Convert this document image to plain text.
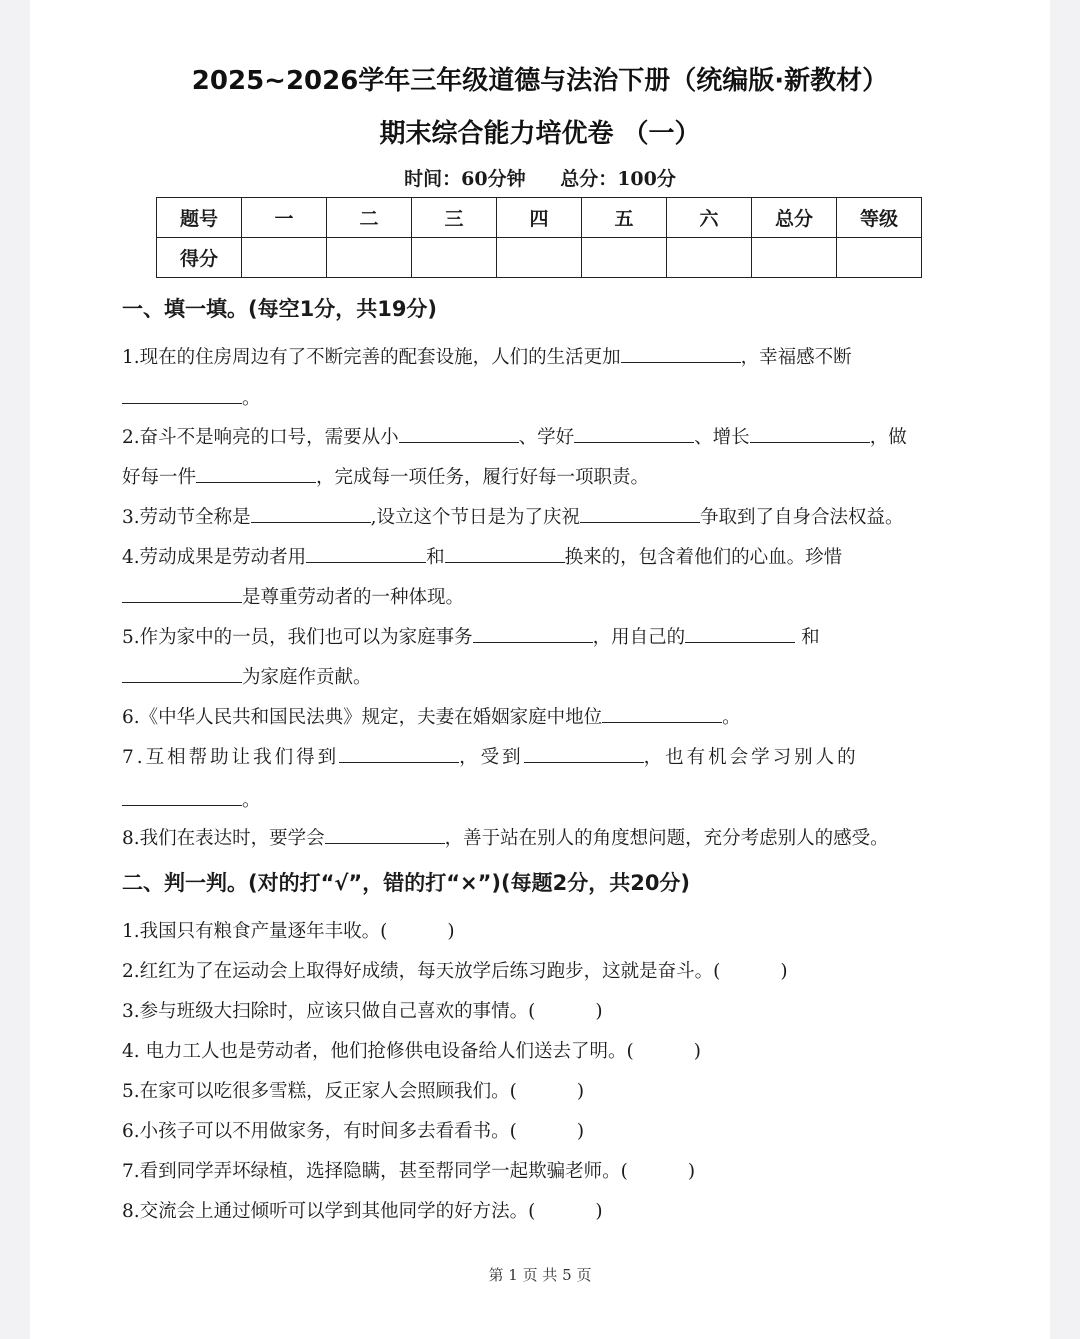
2025~2026学年三年级道德与法治下册（统编版·新教材）
期末综合能力培优卷 （一）
时间：60分钟 总分：100分
题号	一	二	三	四	五	六	总分	等级
得分								
一、填一填。(每空1分，共19分)
1.现在的住房周边有了不断完善的配套设施，人们的生活更加	，幸福感不断
。
2.奋斗不是响亮的口号，需要从小	、学好	、增长	，做
好每一件	，完成每一项任务，履行好每一项职责。
3.劳动节全称是	,设立这个节日是为了庆祝	争取到了自身合法权益。
4.劳动成果是劳动者用	和	换来的，包含着他们的心血。珍惜
是尊重劳动者的一种体现。
5.作为家中的一员，我们也可以为家庭事务	，用自己的	和
为家庭作贡献。
6.《中华人民共和国民法典》规定，夫妻在婚姻家庭中地位	。
7.互相帮助让我们得到	，受到	，也有机会学习别人的
。
8.我们在表达时，要学会	，善于站在别人的角度想问题，充分考虑别人的感受。
二、判一判。(对的打“√”，错的打“×”)(每题2分，共20分)
1.我国只有粮食产量逐年丰收。(	)
2.红红为了在运动会上取得好成绩，每天放学后练习跑步，这就是奋斗。(	)
3.参与班级大扫除时，应该只做自己喜欢的事情。(	)
4. 电力工人也是劳动者，他们抢修供电设备给人们送去了明。(	)
5.在家可以吃很多雪糕，反正家人会照顾我们。(	)
6.小孩子可以不用做家务，有时间多去看看书。(	)
7.看到同学弄坏绿植，选择隐瞒，甚至帮同学一起欺骗老师。(	)
8.交流会上通过倾听可以学到其他同学的好方法。(	)
第 1 页 共 5 页
